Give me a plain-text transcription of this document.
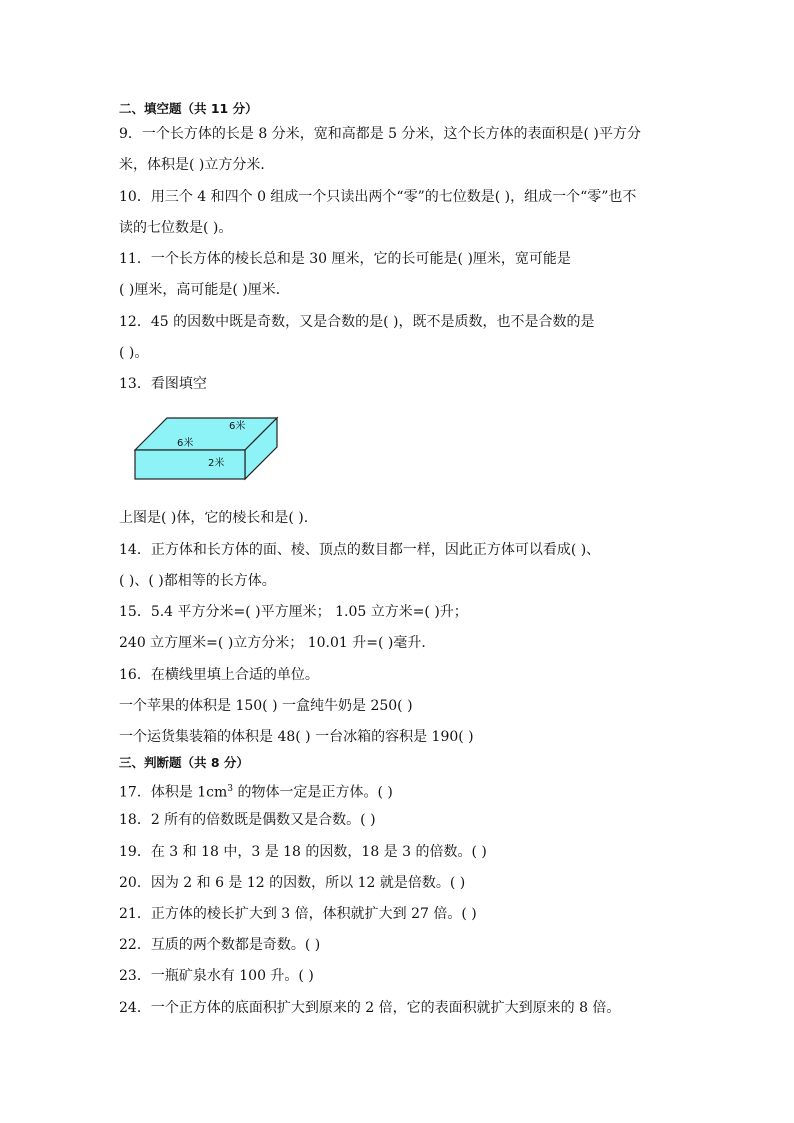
二、填空题（共 11 分）
9．一个长方体的长是 8 分米，宽和高都是 5 分米，这个长方体的表面积是( )平方分
米，体积是( )立方分米．
10．用三个 4 和四个 0 组成一个只读出两个“零”的七位数是( )，组成一个“零”也不
读的七位数是( )。
11．一个长方体的棱长总和是 30 厘米，它的长可能是( )厘米，宽可能是
( )厘米，高可能是( )厘米．
12．45 的因数中既是奇数，又是合数的是( )，既不是质数，也不是合数的是
( )。
13．看图填空
6米
6米
2米
上图是( )体，它的棱长和是( ).
14．正方体和长方体的面、棱、顶点的数目都一样，因此正方体可以看成( )、
( )、( )都相等的长方体。
15．5.4 平方分米=( )平方厘米； 1.05 立方米=( )升；
240 立方厘米=( )立方分米； 10.01 升=( )毫升．
16．在横线里填上合适的单位。
一个苹果的体积是 150( ) 一盒纯牛奶是 250( )
一个运货集装箱的体积是 48( ) 一台冰箱的容积是 190( )
三、判断题（共 8 分）
17．体积是 $1cm^3$ 的物体一定是正方体。( )
18．2 所有的倍数既是偶数又是合数。( )
19．在 3 和 18 中，3 是 18 的因数，18 是 3 的倍数。( )
20．因为 2 和 6 是 12 的因数，所以 12 就是倍数。( )
21．正方体的棱长扩大到 3 倍，体积就扩大到 27 倍。( )
22．互质的两个数都是奇数。( )
23．一瓶矿泉水有 100 升。( )
24．一个正方体的底面积扩大到原来的 2 倍，它的表面积就扩大到原来的 8 倍。
